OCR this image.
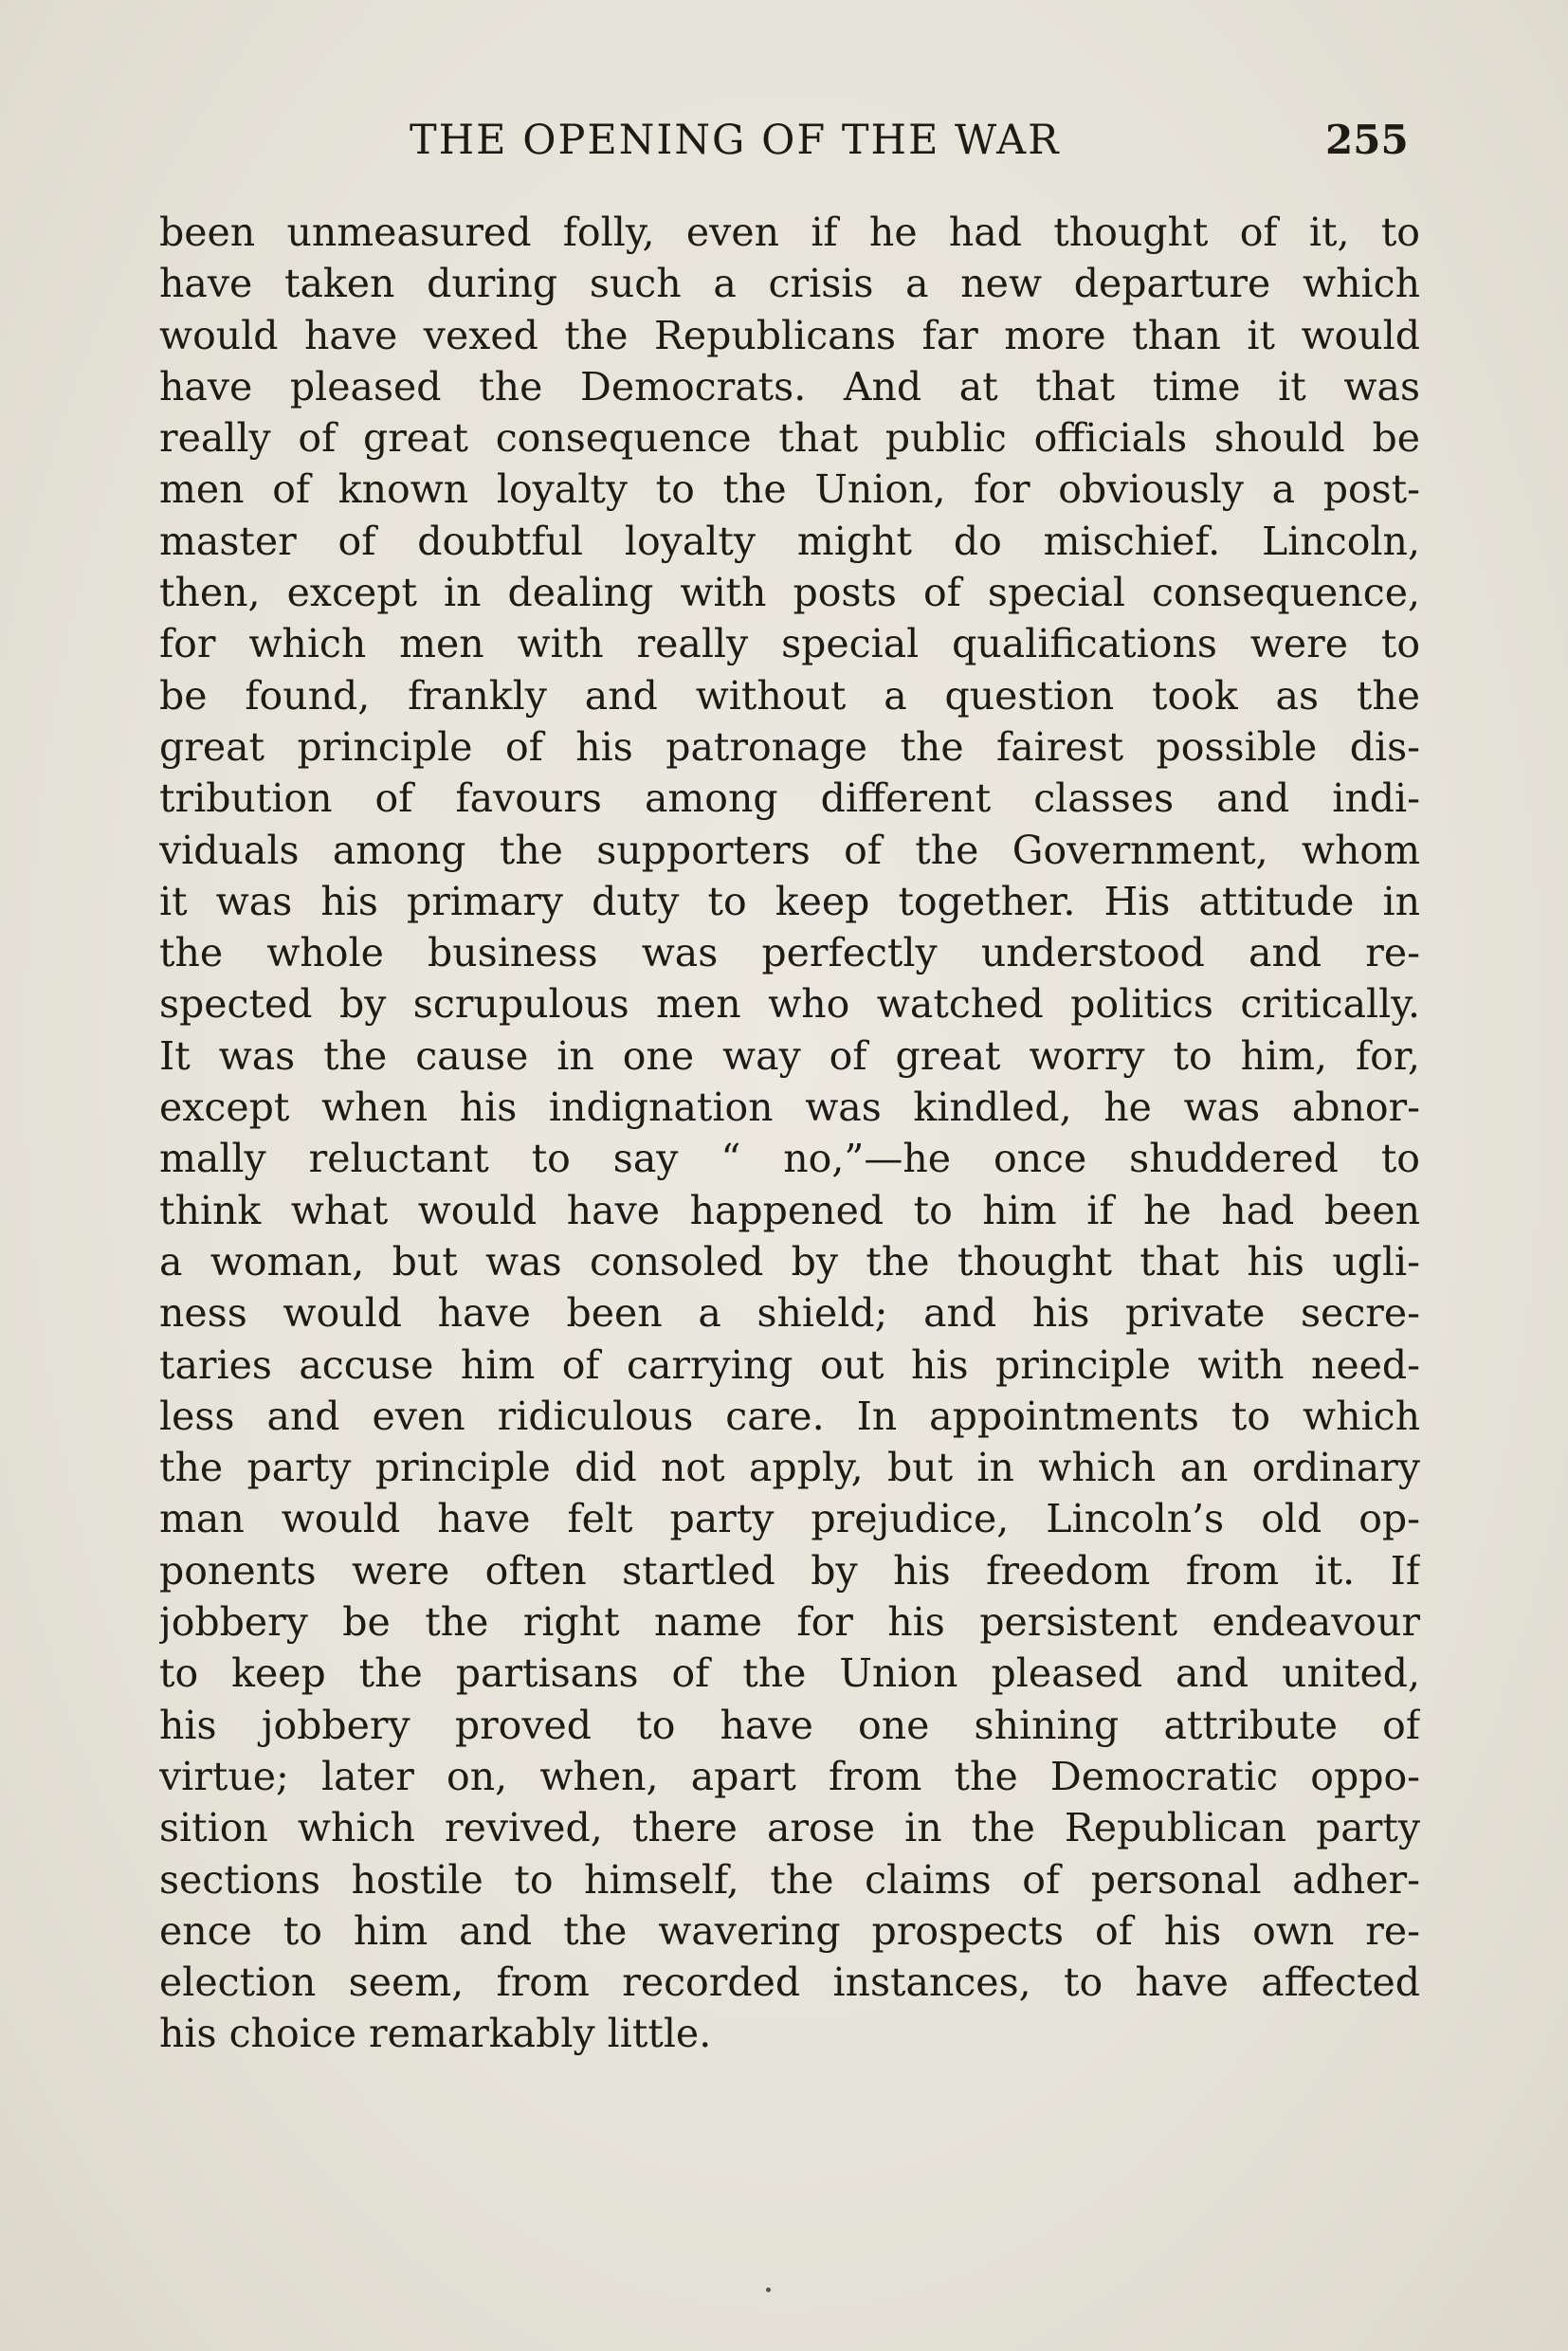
THE OPENING OF THE WAR	255
been unmeasured folly, even if he had thought of it, to
have taken during such a crisis a new departure which
would have vexed the Republicans far more than it would
have pleased the Democrats. And at that time it was
really of great consequence that public officials should be
men of known loyalty to the Union, for obviously a post-
master of doubtful loyalty might do mischief. Lincoln,
then, except in dealing with posts of special consequence,
for which men with really special qualifications were to
be found, frankly and without a question took as the
great principle of his patronage the fairest possible dis-
tribution of favours among different classes and indi-
viduals among the supporters of the Government, whom
it was his primary duty to keep together. His attitude in
the whole business was perfectly understood and re-
spected by scrupulous men who watched politics critically.
It was the cause in one way of great worry to him, for,
except when his indignation was kindled, he was abnor-
mally reluctant to say “ no,”—he once shuddered to
think what would have happened to him if he had been
a woman, but was consoled by the thought that his ugli-
ness would have been a shield; and his private secre-
taries accuse him of carrying out his principle with need-
less and even ridiculous care. In appointments to which
the party principle did not apply, but in which an ordinary
man would have felt party prejudice, Lincoln’s old op-
ponents were often startled by his freedom from it. If
jobbery be the right name for his persistent endeavour
to keep the partisans of the Union pleased and united,
his jobbery proved to have one shining attribute of
virtue; later on, when, apart from the Democratic oppo-
sition which revived, there arose in the Republican party
sections hostile to himself, the claims of personal adher-
ence to him and the wavering prospects of his own re-
election seem, from recorded instances, to have affected
his choice remarkably little.
